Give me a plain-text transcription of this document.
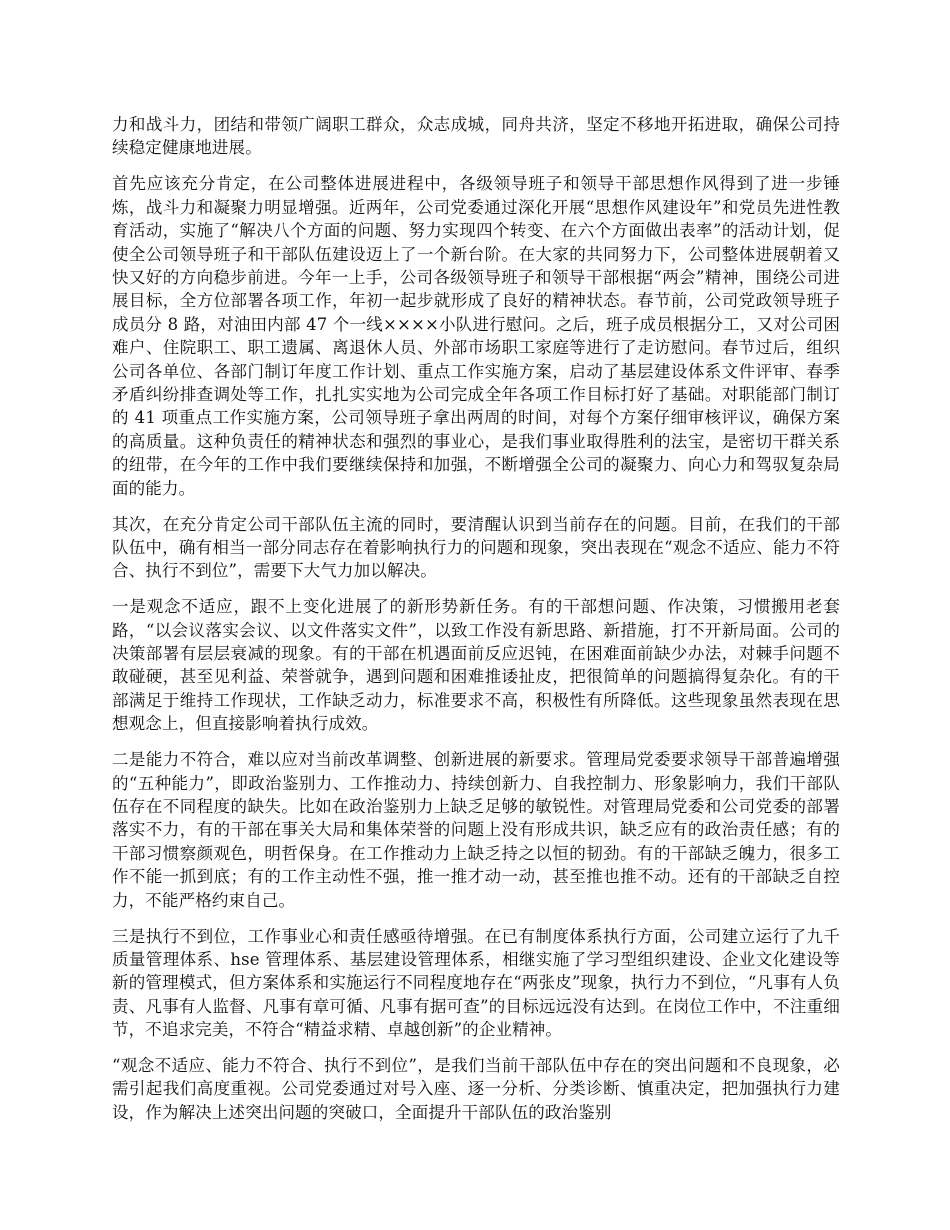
力和战斗力，团结和带领广阔职工群众，众志成城，同舟共济，坚定不移地开拓进取，确保公司持续稳定健康地进展。

首先应该充分肯定，在公司整体进展进程中，各级领导班子和领导干部思想作风得到了进一步锤炼，战斗力和凝聚力明显增强。近两年，公司党委通过深化开展“思想作风建设年”和党员先进性教育活动，实施了“解决八个方面的问题、努力实现四个转变、在六个方面做出表率”的活动计划，促使全公司领导班子和干部队伍建设迈上了一个新台阶。在大家的共同努力下，公司整体进展朝着又快又好的方向稳步前进。今年一上手，公司各级领导班子和领导干部根据“两会”精神，围绕公司进展目标，全方位部署各项工作，年初一起步就形成了良好的精神状态。春节前，公司党政领导班子成员分 8 路，对油田内部 47 个一线××××小队进行慰问。之后，班子成员根据分工，又对公司困难户、住院职工、职工遗属、离退休人员、外部市场职工家庭等进行了走访慰问。春节过后，组织公司各单位、各部门制订年度工作计划、重点工作实施方案，启动了基层建设体系文件评审、春季矛盾纠纷排查调处等工作，扎扎实实地为公司完成全年各项工作目标打好了基础。对职能部门制订的 41 项重点工作实施方案，公司领导班子拿出两周的时间，对每个方案仔细审核评议，确保方案的高质量。这种负责任的精神状态和强烈的事业心，是我们事业取得胜利的法宝，是密切干群关系的纽带，在今年的工作中我们要继续保持和加强，不断增强全公司的凝聚力、向心力和驾驭复杂局面的能力。

其次，在充分肯定公司干部队伍主流的同时，要清醒认识到当前存在的问题。目前，在我们的干部队伍中，确有相当一部分同志存在着影响执行力的问题和现象，突出表现在“观念不适应、能力不符合、执行不到位”，需要下大气力加以解决。

一是观念不适应，跟不上变化进展了的新形势新任务。有的干部想问题、作决策，习惯搬用老套路，“以会议落实会议、以文件落实文件”，以致工作没有新思路、新措施，打不开新局面。公司的决策部署有层层衰减的现象。有的干部在机遇面前反应迟钝，在困难面前缺少办法，对棘手问题不敢碰硬，甚至见利益、荣誉就争，遇到问题和困难推诿扯皮，把很简单的问题搞得复杂化。有的干部满足于维持工作现状，工作缺乏动力，标准要求不高，积极性有所降低。这些现象虽然表现在思想观念上，但直接影响着执行成效。

二是能力不符合，难以应对当前改革调整、创新进展的新要求。管理局党委要求领导干部普遍增强的“五种能力”，即政治鉴别力、工作推动力、持续创新力、自我控制力、形象影响力，我们干部队伍存在不同程度的缺失。比如在政治鉴别力上缺乏足够的敏锐性。对管理局党委和公司党委的部署落实不力，有的干部在事关大局和集体荣誉的问题上没有形成共识，缺乏应有的政治责任感；有的干部习惯察颜观色，明哲保身。在工作推动力上缺乏持之以恒的韧劲。有的干部缺乏魄力，很多工作不能一抓到底；有的工作主动性不强，推一推才动一动，甚至推也推不动。还有的干部缺乏自控力，不能严格约束自己。

三是执行不到位，工作事业心和责任感亟待增强。在已有制度体系执行方面，公司建立运行了九千质量管理体系、hse 管理体系、基层建设管理体系，相继实施了学习型组织建设、企业文化建设等新的管理模式，但方案体系和实施运行不同程度地存在“两张皮”现象，执行力不到位，“凡事有人负责、凡事有人监督、凡事有章可循、凡事有据可查”的目标远远没有达到。在岗位工作中，不注重细节，不追求完美，不符合“精益求精、卓越创新”的企业精神。

“观念不适应、能力不符合、执行不到位”，是我们当前干部队伍中存在的突出问题和不良现象，必需引起我们高度重视。公司党委通过对号入座、逐一分析、分类诊断、慎重决定，把加强执行力建设，作为解决上述突出问题的突破口，全面提升干部队伍的政治鉴别
